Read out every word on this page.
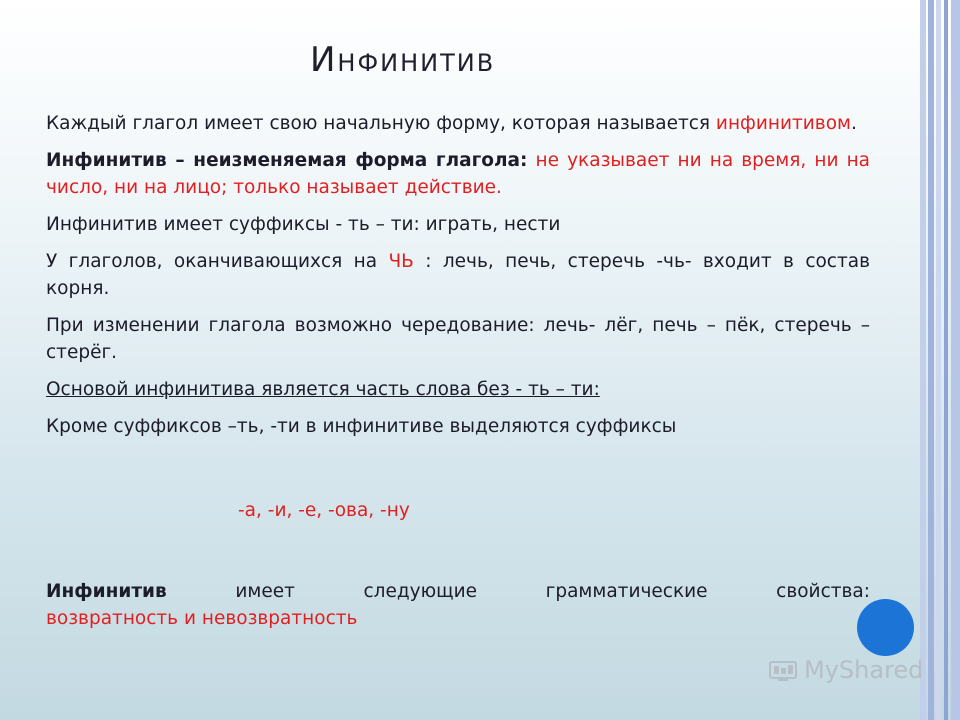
Инфинитив

Каждый глагол имеет свою начальную форму, которая называется инфинитивом.

Инфинитив – неизменяемая форма глагола: не указывает ни на время, ни на число, ни на лицо; только называет действие.

Инфинитив имеет суффиксы - ть – ти: играть, нести

У глаголов, оканчивающихся на ЧЬ : лечь, печь, стеречь -чь- входит в состав корня.

При изменении глагола возможно чередование: лечь- лёг, печь – пёк, стеречь – стерёг.

Основой инфинитива является часть слова без - ть – ти:

Кроме суффиксов –ть, -ти в инфинитиве выделяются суффиксы

-а, -и, -е, -ова, -ну
Инфинитив имеет следующие грамматические свойства:
возвратность и невозвратность
MyShared
